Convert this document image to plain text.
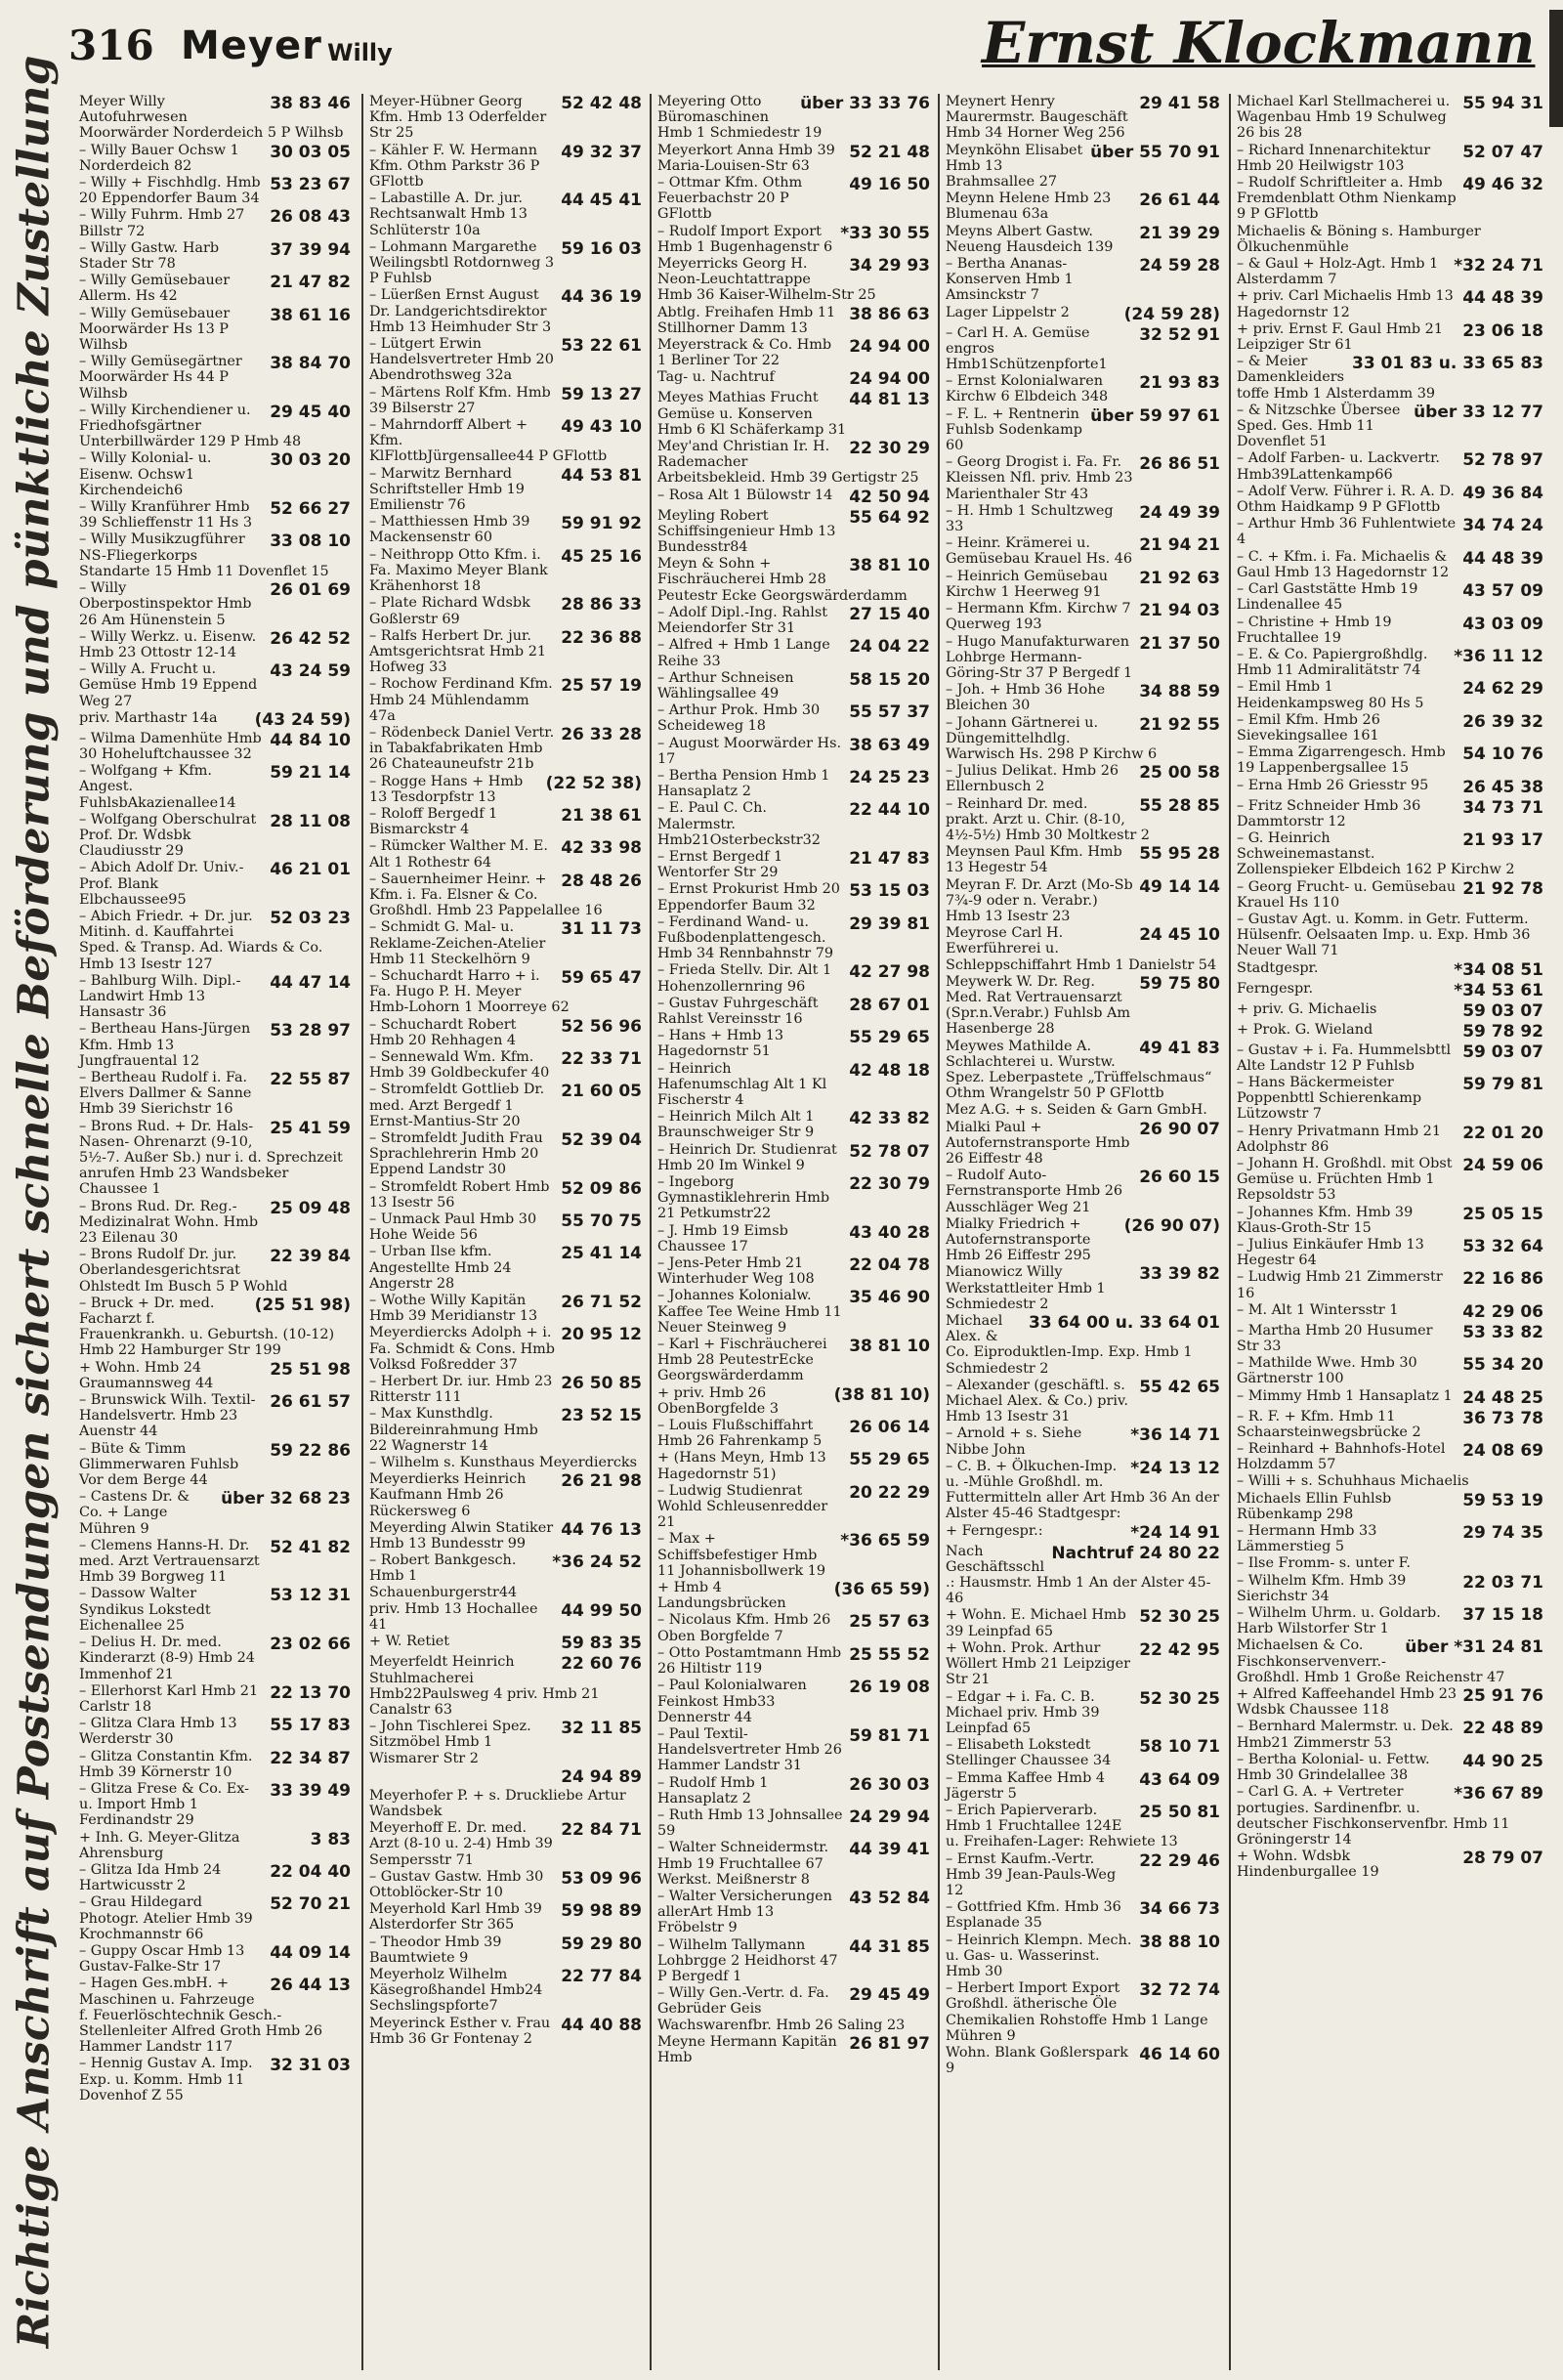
316 Meyer Willy	Ernst Klockmann
Richtige Anschrift auf Postsendungen sichert schnelle Beförderung und pünktliche Zustellung	38 83 46
Meyer Willy Autofuhrwesen Moorwärder Norderdeich 5 P Wilhsb
30 03 05
– Willy Bauer Ochsw 1 Norderdeich 82
53 23 67
– Willy + Fischhdlg. Hmb 20 Eppendorfer Baum 34
26 08 43
– Willy Fuhrm. Hmb 27 Billstr 72
37 39 94
– Willy Gastw. Harb Stader Str 78
21 47 82
– Willy Gemüsebauer Allerm. Hs 42
38 61 16
– Willy Gemüsebauer Moorwärder Hs 13 P Wilhsb
38 84 70
– Willy Gemüsegärtner Moorwärder Hs 44 P Wilhsb
29 45 40
– Willy Kirchendiener u. Friedhofsgärtner Unterbillwärder 129 P Hmb 48
30 03 20
– Willy Kolonial- u. Eisenw. Ochsw1 Kirchendeich6
52 66 27
– Willy Kranführer Hmb 39 Schlieffenstr 11 Hs 3
33 08 10
– Willy Musikzugführer NS-Fliegerkorps Standarte 15 Hmb 11 Dovenflet 15
26 01 69
– Willy Oberpostinspektor Hmb 26 Am Hünenstein 5
26 42 52
– Willy Werkz. u. Eisenw. Hmb 23 Ottostr 12-14
43 24 59
– Willy A. Frucht u. Gemüse Hmb 19 Eppend Weg 27
(43 24 59)
priv. Marthastr 14a
44 84 10
– Wilma Damenhüte Hmb 30 Hoheluftchaussee 32
59 21 14
– Wolfgang + Kfm. Angest. FuhlsbAkazienallee14
28 11 08
– Wolfgang Oberschulrat Prof. Dr. Wdsbk Claudiusstr 29
46 21 01
– Abich Adolf Dr. Univ.-Prof. Blank Elbchaussee95
52 03 23
– Abich Friedr. + Dr. jur. Mitinh. d. Kauffahrtei Sped. & Transp. Ad. Wiards & Co. Hmb 13 Isestr 127
44 47 14
– Bahlburg Wilh. Dipl.-Landwirt Hmb 13 Hansastr 36
53 28 97
– Bertheau Hans-Jürgen Kfm. Hmb 13 Jungfrauental 12
22 55 87
– Bertheau Rudolf i. Fa. Elvers Dallmer & Sanne Hmb 39 Sierichstr 16
25 41 59
– Brons Rud. + Dr. Hals- Nasen- Ohrenarzt (9-10, 5½-7. Außer Sb.) nur i. d. Sprechzeit anrufen Hmb 23 Wandsbeker Chaussee 1
25 09 48
– Brons Rud. Dr. Reg.-Medizinalrat Wohn. Hmb 23 Eilenau 30
22 39 84
– Brons Rudolf Dr. jur. Oberlandesgerichtsrat Ohlstedt Im Busch 5 P Wohld
(25 51 98)
– Bruck + Dr. med. Facharzt f. Frauenkrankh. u. Geburtsh. (10-12) Hmb 22 Hamburger Str 199
25 51 98
+ Wohn. Hmb 24 Graumannsweg 44
26 61 57
– Brunswick Wilh. Textil-Handelsvertr. Hmb 23 Auenstr 44
59 22 86
– Büte & Timm Glimmerwaren Fuhlsb Vor dem Berge 44
über 32 68 23
– Castens Dr. & Co. + Lange Mühren 9
52 41 82
– Clemens Hanns-H. Dr. med. Arzt Vertrauensarzt Hmb 39 Borgweg 11
53 12 31
– Dassow Walter Syndikus Lokstedt Eichenallee 25
23 02 66
– Delius H. Dr. med. Kinderarzt (8-9) Hmb 24 Immenhof 21
22 13 70
– Ellerhorst Karl Hmb 21 Carlstr 18
55 17 83
– Glitza Clara Hmb 13 Werderstr 30
22 34 87
– Glitza Constantin Kfm. Hmb 39 Körnerstr 10
33 39 49
– Glitza Frese & Co. Ex- u. Import Hmb 1 Ferdinandstr 29
3 83
+ Inh. G. Meyer-Glitza Ahrensburg
22 04 40
– Glitza Ida Hmb 24 Hartwicusstr 2
52 70 21
– Grau Hildegard Photogr. Atelier Hmb 39 Krochmannstr 66
44 09 14
– Guppy Oscar Hmb 13 Gustav-Falke-Str 17
26 44 13
– Hagen Ges.mbH. + Maschinen u. Fahrzeuge f. Feuerlöschtechnik Gesch.-Stellenleiter Alfred Groth Hmb 26 Hammer Landstr 117
32 31 03
– Hennig Gustav A. Imp. Exp. u. Komm. Hmb 11 Dovenhof Z 55
52 42 48
Meyer-Hübner Georg Kfm. Hmb 13 Oderfelder Str 25
49 32 37
– Kähler F. W. Hermann Kfm. Othm Parkstr 36 P GFlottb
44 45 41
– Labastille A. Dr. jur. Rechtsanwalt Hmb 13 Schlüterstr 10a
59 16 03
– Lohmann Margarethe Weilingsbtl Rotdornweg 3 P Fuhlsb
44 36 19
– Lüerßen Ernst August Dr. Landgerichtsdirektor Hmb 13 Heimhuder Str 3
53 22 61
– Lütgert Erwin Handelsvertreter Hmb 20 Abendrothsweg 32a
59 13 27
– Märtens Rolf Kfm. Hmb 39 Bilserstr 27
49 43 10
– Mahrndorff Albert + Kfm. KlFlottbJürgensallee44 P GFlottb
44 53 81
– Marwitz Bernhard Schriftsteller Hmb 19 Emilienstr 76
59 91 92
– Matthiessen Hmb 39 Mackensenstr 60
45 25 16
– Neithropp Otto Kfm. i. Fa. Maximo Meyer Blank Krähenhorst 18
28 86 33
– Plate Richard Wdsbk Goßlerstr 69
22 36 88
– Ralfs Herbert Dr. jur. Amtsgerichtsrat Hmb 21 Hofweg 33
25 57 19
– Rochow Ferdinand Kfm. Hmb 24 Mühlendamm 47a
26 33 28
– Rödenbeck Daniel Vertr. in Tabakfabrikaten Hmb 26 Chateauneufstr 21b
(22 52 38)
– Rogge Hans + Hmb 13 Tesdorpfstr 13
21 38 61
– Roloff Bergedf 1 Bismarckstr 4
42 33 98
– Rümcker Walther M. E. Alt 1 Rothestr 64
28 48 26
– Sauernheimer Heinr. + Kfm. i. Fa. Elsner & Co. Großhdl. Hmb 23 Pappelallee 16
31 11 73
– Schmidt G. Mal- u. Reklame-Zeichen-Atelier Hmb 11 Steckelhörn 9
59 65 47
– Schuchardt Harro + i. Fa. Hugo P. H. Meyer Hmb-Lohorn 1 Moorreye 62
52 56 96
– Schuchardt Robert Hmb 20 Rehhagen 4
22 33 71
– Sennewald Wm. Kfm. Hmb 39 Goldbeckufer 40
21 60 05
– Stromfeldt Gottlieb Dr. med. Arzt Bergedf 1 Ernst-Mantius-Str 20
52 39 04
– Stromfeldt Judith Frau Sprachlehrerin Hmb 20 Eppend Landstr 30
52 09 86
– Stromfeldt Robert Hmb 13 Isestr 56
55 70 75
– Unmack Paul Hmb 30 Hohe Weide 56
25 41 14
– Urban Ilse kfm. Angestellte Hmb 24 Angerstr 28
26 71 52
– Wothe Willy Kapitän Hmb 39 Meridianstr 13
20 95 12
Meyerdiercks Adolph + i. Fa. Schmidt & Cons. Hmb Volksd Foßredder 37
26 50 85
– Herbert Dr. iur. Hmb 23 Ritterstr 111
23 52 15
– Max Kunsthdlg. Bildereinrahmung Hmb 22 Wagnerstr 14
– Wilhelm s. Kunsthaus Meyerdiercks
26 21 98
Meyerdierks Heinrich Kaufmann Hmb 26 Rückersweg 6
44 76 13
Meyerding Alwin Statiker Hmb 13 Bundesstr 99
*36 24 52
– Robert Bankgesch. Hmb 1 Schauenburgerstr44
44 99 50
priv. Hmb 13 Hochallee 41
59 83 35
+ W. Retiet
22 60 76
Meyerfeldt Heinrich Stuhlmacherei Hmb22Paulsweg 4 priv. Hmb 21 Canalstr 63
32 11 85
– John Tischlerei Spez. Sitzmöbel Hmb 1 Wismarer Str 2
24 94 89
Meyerhofer P. + s. Druckliebe Artur Wandsbek
22 84 71
Meyerhoff E. Dr. med. Arzt (8-10 u. 2-4) Hmb 39 Sempersstr 71
53 09 96
– Gustav Gastw. Hmb 30 Ottoblöcker-Str 10
59 98 89
Meyerhold Karl Hmb 39 Alsterdorfer Str 365
59 29 80
– Theodor Hmb 39 Baumtwiete 9
22 77 84
Meyerholz Wilhelm Käsegroßhandel Hmb24 Sechslingspforte7
44 40 88
Meyerinck Esther v. Frau Hmb 36 Gr Fontenay 2
über 33 33 76
Meyering Otto Büromaschinen Hmb 1 Schmiedestr 19
52 21 48
Meyerkort Anna Hmb 39 Maria-Louisen-Str 63
49 16 50
– Ottmar Kfm. Othm Feuerbachstr 20 P GFlottb
*33 30 55
– Rudolf Import Export Hmb 1 Bugenhagenstr 6
34 29 93
Meyerricks Georg H. Neon-Leuchtattrappe Hmb 36 Kaiser-Wilhelm-Str 25
38 86 63
Abtlg. Freihafen Hmb 11 Stillhorner Damm 13
24 94 00
Meyerstrack & Co. Hmb 1 Berliner Tor 22
24 94 00
Tag- u. Nachtruf
44 81 13
Meyes Mathias Frucht Gemüse u. Konserven Hmb 6 Kl Schäferkamp 31
22 30 29
Mey'and Christian Ir. H. Rademacher Arbeitsbekleid. Hmb 39 Gertigstr 25
42 50 94
– Rosa Alt 1 Bülowstr 14
55 64 92
Meyling Robert Schiffsingenieur Hmb 13 Bundesstr84
38 81 10
Meyn & Sohn + Fischräucherei Hmb 28 Peutestr Ecke Georgswärderdamm
27 15 40
– Adolf Dipl.-Ing. Rahlst Meiendorfer Str 31
24 04 22
– Alfred + Hmb 1 Lange Reihe 33
58 15 20
– Arthur Schneisen Wählingsallee 49
55 57 37
– Arthur Prok. Hmb 30 Scheideweg 18
38 63 49
– August Moorwärder Hs. 17
24 25 23
– Bertha Pension Hmb 1 Hansaplatz 2
22 44 10
– E. Paul C. Ch. Malermstr. Hmb21Osterbeckstr32
21 47 83
– Ernst Bergedf 1 Wentorfer Str 29
53 15 03
– Ernst Prokurist Hmb 20 Eppendorfer Baum 32
29 39 81
– Ferdinand Wand- u. Fußbodenplattengesch. Hmb 34 Rennbahnstr 79
42 27 98
– Frieda Stellv. Dir. Alt 1 Hohenzollernring 96
28 67 01
– Gustav Fuhrgeschäft Rahlst Vereinsstr 16
55 29 65
– Hans + Hmb 13 Hagedornstr 51
42 48 18
– Heinrich Hafenumschlag Alt 1 Kl Fischerstr 4
42 33 82
– Heinrich Milch Alt 1 Braunschweiger Str 9
52 78 07
– Heinrich Dr. Studienrat Hmb 20 Im Winkel 9
22 30 79
– Ingeborg Gymnastiklehrerin Hmb 21 Petkumstr22
43 40 28
– J. Hmb 19 Eimsb Chaussee 17
22 04 78
– Jens-Peter Hmb 21 Winterhuder Weg 108
35 46 90
– Johannes Kolonialw. Kaffee Tee Weine Hmb 11 Neuer Steinweg 9
38 81 10
– Karl + Fischräucherei Hmb 28 PeutestrEcke Georgswärderdamm
(38 81 10)
+ priv. Hmb 26 ObenBorgfelde 3
26 06 14
– Louis Flußschiffahrt Hmb 26 Fahrenkamp 5
55 29 65
+ (Hans Meyn, Hmb 13 Hagedornstr 51)
20 22 29
– Ludwig Studienrat Wohld Schleusenredder 21
*36 65 59
– Max + Schiffsbefestiger Hmb 11 Johannisbollwerk 19
(36 65 59)
+ Hmb 4 Landungsbrücken
25 57 63
– Nicolaus Kfm. Hmb 26 Oben Borgfelde 7
25 55 52
– Otto Postamtmann Hmb 26 Hiltistr 119
26 19 08
– Paul Kolonialwaren Feinkost Hmb33 Dennerstr 44
59 81 71
– Paul Textil-Handelsvertreter Hmb 26 Hammer Landstr 31
26 30 03
– Rudolf Hmb 1 Hansaplatz 2
24 29 94
– Ruth Hmb 13 Johnsallee 59
44 39 41
– Walter Schneidermstr. Hmb 19 Fruchtallee 67 Werkst. Meißnerstr 8
43 52 84
– Walter Versicherungen allerArt Hmb 13 Fröbelstr 9
44 31 85
– Wilhelm Tallymann Lohbrgge 2 Heidhorst 47 P Bergedf 1
29 45 49
– Willy Gen.-Vertr. d. Fa. Gebrüder Geis Wachswarenfbr. Hmb 26 Saling 23
26 81 97
Meyne Hermann Kapitän Hmb
29 41 58
Meynert Henry Maurermstr. Baugeschäft Hmb 34 Horner Weg 256
über 55 70 91
Meynköhn Elisabet Hmb 13 Brahmsallee 27
26 61 44
Meynn Helene Hmb 23 Blumenau 63a
21 39 29
Meyns Albert Gastw. Neueng Hausdeich 139
24 59 28
– Bertha Ananas-Konserven Hmb 1 Amsinckstr 7
(24 59 28)
Lager Lippelstr 2
32 52 91
– Carl H. A. Gemüse engros Hmb1Schützenpforte1
21 93 83
– Ernst Kolonialwaren Kirchw 6 Elbdeich 348
über 59 97 61
– F. L. + Rentnerin Fuhlsb Sodenkamp 60
26 86 51
– Georg Drogist i. Fa. Fr. Kleissen Nfl. priv. Hmb 23 Marienthaler Str 43
24 49 39
– H. Hmb 1 Schultzweg 33
21 94 21
– Heinr. Krämerei u. Gemüsebau Krauel Hs. 46
21 92 63
– Heinrich Gemüsebau Kirchw 1 Heerweg 91
21 94 03
– Hermann Kfm. Kirchw 7 Querweg 193
21 37 50
– Hugo Manufakturwaren Lohbrge Hermann-Göring-Str 37 P Bergedf 1
34 88 59
– Joh. + Hmb 36 Hohe Bleichen 30
21 92 55
– Johann Gärtnerei u. Düngemittelhdlg. Warwisch Hs. 298 P Kirchw 6
25 00 58
– Julius Delikat. Hmb 26 Ellernbusch 2
55 28 85
– Reinhard Dr. med. prakt. Arzt u. Chir. (8-10, 4½-5½) Hmb 30 Moltkestr 2
55 95 28
Meynsen Paul Kfm. Hmb 13 Hegestr 54
49 14 14
Meyran F. Dr. Arzt (Mo-Sb 7¾-9 oder n. Verabr.) Hmb 13 Isestr 23
24 45 10
Meyrose Carl H. Ewerführerei u. Schleppschiffahrt Hmb 1 Danielstr 54
59 75 80
Meywerk W. Dr. Reg. Med. Rat Vertrauensarzt (Spr.n.Verabr.) Fuhlsb Am Hasenberge 28
49 41 83
Meywes Mathilde A. Schlachterei u. Wurstw. Spez. Leberpastete „Trüffelschmaus“ Othm Wrangelstr 50 P GFlottb
Mez A.G. + s. Seiden & Garn GmbH.
26 90 07
Mialki Paul + Autofernstransporte Hmb 26 Eiffestr 48
26 60 15
– Rudolf Auto-Fernstransporte Hmb 26 Ausschläger Weg 21
(26 90 07)
Mialky Friedrich + Autofernstransporte Hmb 26 Eiffestr 295
33 39 82
Mianowicz Willy Werkstattleiter Hmb 1 Schmiedestr 2
33 64 00 u. 33 64 01
Michael Alex. & Co. Eiproduktlen-Imp. Exp. Hmb 1 Schmiedestr 2
55 42 65
– Alexander (geschäftl. s. Michael Alex. & Co.) priv. Hmb 13 Isestr 31
*36 14 71
– Arnold + s. Siehe Nibbe John
*24 13 12
– C. B. + Ölkuchen-Imp. u. -Mühle Großhdl. m. Futtermitteln aller Art Hmb 36 An der Alster 45-46 Stadtgespr:
*24 14 91
+ Ferngespr.:
Nachtruf 24 80 22
Nach Geschäftsschl.: Hausmstr. Hmb 1 An der Alster 45-46
52 30 25
+ Wohn. E. Michael Hmb 39 Leinpfad 65
22 42 95
+ Wohn. Prok. Arthur Wöllert Hmb 21 Leipziger Str 21
52 30 25
– Edgar + i. Fa. C. B. Michael priv. Hmb 39 Leinpfad 65
58 10 71
– Elisabeth Lokstedt Stellinger Chaussee 34
43 64 09
– Emma Kaffee Hmb 4 Jägerstr 5
25 50 81
– Erich Papierverarb. Hmb 1 Fruchtallee 124E u. Freihafen-Lager: Rehwiete 13
22 29 46
– Ernst Kaufm.-Vertr. Hmb 39 Jean-Pauls-Weg 12
34 66 73
– Gottfried Kfm. Hmb 36 Esplanade 35
38 88 10
– Heinrich Klempn. Mech. u. Gas- u. Wasserinst. Hmb 30
32 72 74
– Herbert Import Export Großhdl. ätherische Öle Chemikalien Rohstoffe Hmb 1 Lange Mühren 9
46 14 60
Wohn. Blank Goßlerspark 9
55 94 31
Michael Karl Stellmacherei u. Wagenbau Hmb 19 Schulweg 26 bis 28
52 07 47
– Richard Innenarchitektur Hmb 20 Heilwigstr 103
49 46 32
– Rudolf Schriftleiter a. Hmb Fremdenblatt Othm Nienkamp 9 P GFlottb
Michaelis & Böning s. Hamburger Ölkuchenmühle
*32 24 71
– & Gaul + Holz-Agt. Hmb 1 Alsterdamm 7
44 48 39
+ priv. Carl Michaelis Hmb 13 Hagedornstr 12
23 06 18
+ priv. Ernst F. Gaul Hmb 21 Leipziger Str 61
33 01 83 u. 33 65 83
– & Meier Damenkleiderstoffe Hmb 1 Alsterdamm 39
über 33 12 77
– & Nitzschke Übersee Sped. Ges. Hmb 11 Dovenflet 51
52 78 97
– Adolf Farben- u. Lackvertr. Hmb39Lattenkamp66
49 36 84
– Adolf Verw. Führer i. R. A. D. Othm Haidkamp 9 P GFlottb
34 74 24
– Arthur Hmb 36 Fuhlentwiete 4
44 48 39
– C. + Kfm. i. Fa. Michaelis & Gaul Hmb 13 Hagedornstr 12
43 57 09
– Carl Gaststätte Hmb 19 Lindenallee 45
43 03 09
– Christine + Hmb 19 Fruchtallee 19
*36 11 12
– E. & Co. Papiergroßhdlg. Hmb 11 Admiralitätstr 74
24 62 29
– Emil Hmb 1 Heidenkampsweg 80 Hs 5
26 39 32
– Emil Kfm. Hmb 26 Sievekingsallee 161
54 10 76
– Emma Zigarrengesch. Hmb 19 Lappenbergsallee 15
26 45 38
– Erna Hmb 26 Griesstr 95
34 73 71
– Fritz Schneider Hmb 36 Dammtorstr 12
21 93 17
– G. Heinrich Schweinemastanst. Zollenspieker Elbdeich 162 P Kirchw 2
21 92 78
– Georg Frucht- u. Gemüsebau Krauel Hs 110
– Gustav Agt. u. Komm. in Getr. Futterm. Hülsenfr. Oelsaaten Imp. u. Exp. Hmb 36 Neuer Wall 71
*34 08 51
Stadtgespr.
*34 53 61
Ferngespr.
59 03 07
+ priv. G. Michaelis
59 78 92
+ Prok. G. Wieland
59 03 07
– Gustav + i. Fa. Hummelsbttl Alte Landstr 12 P Fuhlsb
59 79 81
– Hans Bäckermeister Poppenbttl Schierenkamp Lützowstr 7
22 01 20
– Henry Privatmann Hmb 21 Adolphstr 86
24 59 06
– Johann H. Großhdl. mit Obst Gemüse u. Früchten Hmb 1 Repsoldstr 53
25 05 15
– Johannes Kfm. Hmb 39 Klaus-Groth-Str 15
53 32 64
– Julius Einkäufer Hmb 13 Hegestr 64
22 16 86
– Ludwig Hmb 21 Zimmerstr 16
42 29 06
– M. Alt 1 Wintersstr 1
53 33 82
– Martha Hmb 20 Husumer Str 33
55 34 20
– Mathilde Wwe. Hmb 30 Gärtnerstr 100
24 48 25
– Mimmy Hmb 1 Hansaplatz 1
36 73 78
– R. F. + Kfm. Hmb 11 Schaarsteinwegsbrücke 2
24 08 69
– Reinhard + Bahnhofs-Hotel Holzdamm 57
– Willi + s. Schuhhaus Michaelis
59 53 19
Michaels Ellin Fuhlsb Rübenkamp 298
29 74 35
– Hermann Hmb 33 Lämmerstieg 5
– Ilse Fromm- s. unter F.
22 03 71
– Wilhelm Kfm. Hmb 39 Sierichstr 34
37 15 18
– Wilhelm Uhrm. u. Goldarb. Harb Wilstorfer Str 1
über *31 24 81
Michaelsen & Co. Fischkonservenverr.-Großhdl. Hmb 1 Große Reichenstr 47
25 91 76
+ Alfred Kaffeehandel Hmb 23 Wdsbk Chaussee 118
22 48 89
– Bernhard Malermstr. u. Dek. Hmb21 Zimmerstr 53
44 90 25
– Bertha Kolonial- u. Fettw. Hmb 30 Grindelallee 38
*36 67 89
– Carl G. A. + Vertreter portugies. Sardinenfbr. u. deutscher Fischkonservenfbr. Hmb 11 Gröningerstr 14
28 79 07
+ Wohn. Wdsbk Hindenburgallee 19
